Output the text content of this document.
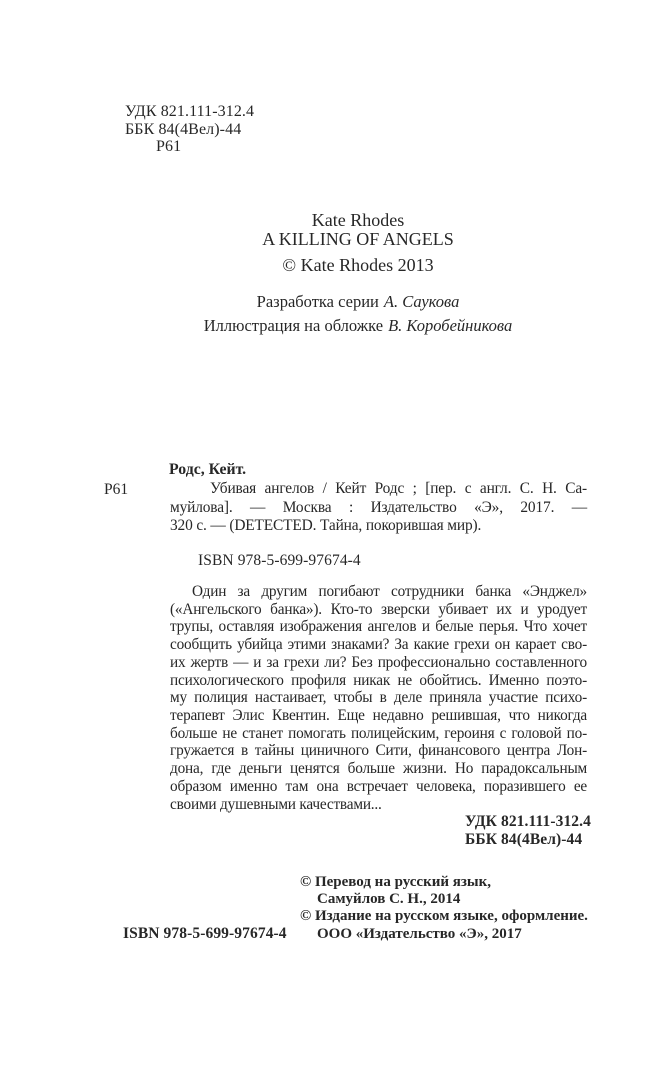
УДК 821.111-312.4
ББК 84(4Вел)-44
Р61
Kate Rhodes
A KILLING OF ANGELS
© Kate Rhodes 2013
Разработка серии А. Саукова
Иллюстрация на обложке В. Коробейникова
Родс, Кейт.
Р61	Убивая ангелов / Кейт Родс ; [пер. с англ. С. Н. Са-
муйлова]. — Москва : Издательство «Э», 2017. —
320 с. — (DETECTED. Тайна, покорившая мир).
ISBN 978-5-699-97674-4
Один за другим погибают сотрудники банка «Энджел»
(«Ангельского банка»). Кто-то зверски убивает их и уродует
трупы, оставляя изображения ангелов и белые перья. Что хочет
сообщить убийца этими знаками? За какие грехи он карает сво-
их жертв — и за грехи ли? Без профессионально составленного
психологического профиля никак не обойтись. Именно поэто-
му полиция настаивает, чтобы в деле приняла участие психо-
терапевт Элис Квентин. Еще недавно решившая, что никогда
больше не станет помогать полицейским, героиня с головой по-
гружается в тайны циничного Сити, финансового центра Лон-
дона, где деньги ценятся больше жизни. Но парадоксальным
образом именно там она встречает человека, поразившего ее
своими душевными качествами...
УДК 821.111-312.4
ББК 84(4Вел)-44
© Перевод на русский язык,
Самуйлов С. Н., 2014
© Издание на русском языке, оформление.
ООО «Издательство «Э», 2017
ISBN 978-5-699-97674-4
